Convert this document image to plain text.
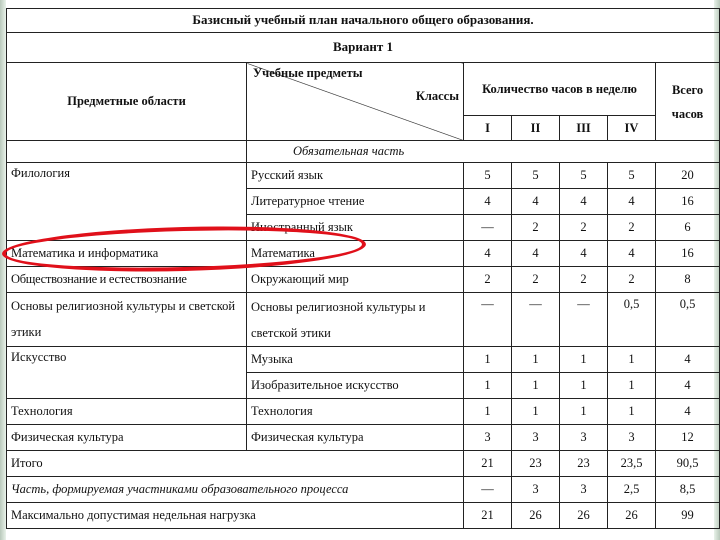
Базисный учебный план начального общего образования.						
Вариант 1						
Предметные области	Учебные предметы
Классы	Количество часов в неделю				Всего часов
		I	II	III	IV	
	Обязательная часть					
Филология	Русский язык	5	5	5	5	20
	Литературное чтение	4	4	4	4	16
	Иностранный язык	—	2	2	2	6
Математика и информатика	Математика	4	4	4	4	16
Обществознание и естествознание	Окружающий мир	2	2	2	2	8
Основы религиозной культуры и светской этики	Основы религиозной культуры и светской этики	—	—	—	0,5	0,5
Искусство	Музыка	1	1	1	1	4
	Изобразительное искусство	1	1	1	1	4
Технология	Технология	1	1	1	1	4
Физическая культура	Физическая культура	3	3	3	3	12
Итого		21	23	23	23,5	90,5
Часть, формируемая участниками образовательного процесса		—	3	3	2,5	8,5
Максимально допустимая недельная нагрузка		21	26	26	26	99
